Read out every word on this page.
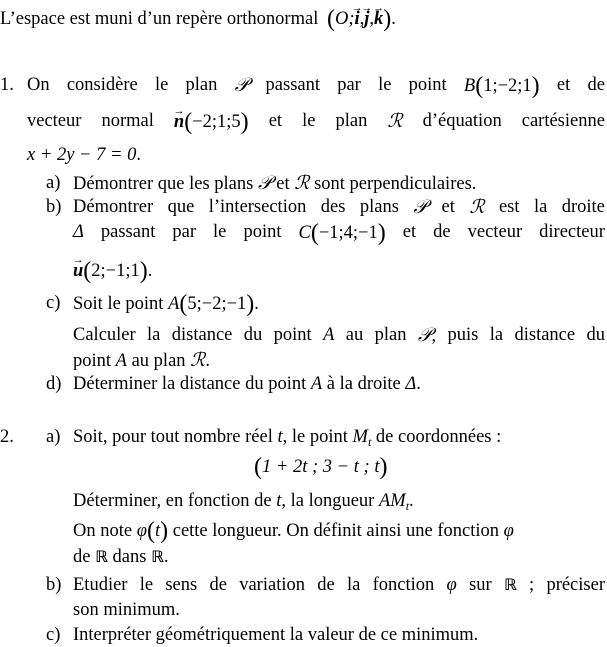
L’espace est muni d’un repère orthonormal (O;→ i,→ j,→ k).
1. On considère le plan 𝒫 passant par le point B(1;−2;1) et de
vecteur normal
→ n(−2;1;5) et le plan ℛ d’équation cartésienne
x + 2y − 7 = 0.
a) Démontrer que les plans 𝒫 et ℛ sont perpendiculaires.
b) Démontrer que l’intersection des plans 𝒫 et ℛ est la droite
Δ passant par le point C(−1;4;−1) et de vecteur directeur
→ u(2;−1;1).
c) Soit le point A(5;−2;−1).
Calculer la distance du point A au plan 𝒫, puis la distance du
point A au plan ℛ.
d) Déterminer la distance du point A à la droite Δ.
2. a) Soit, pour tout nombre réel t, le point $M_t$ de coordonnées :
(1 + 2t ; 3 − t ; t)
Déterminer, en fonction de t, la longueur $AM_t$.
On note φ(t) cette longueur. On définit ainsi une fonction φ
de ℝ dans ℝ.
b) Etudier le sens de variation de la fonction φ sur ℝ ; préciser
son minimum.
c) Interpréter géométriquement la valeur de ce minimum.
